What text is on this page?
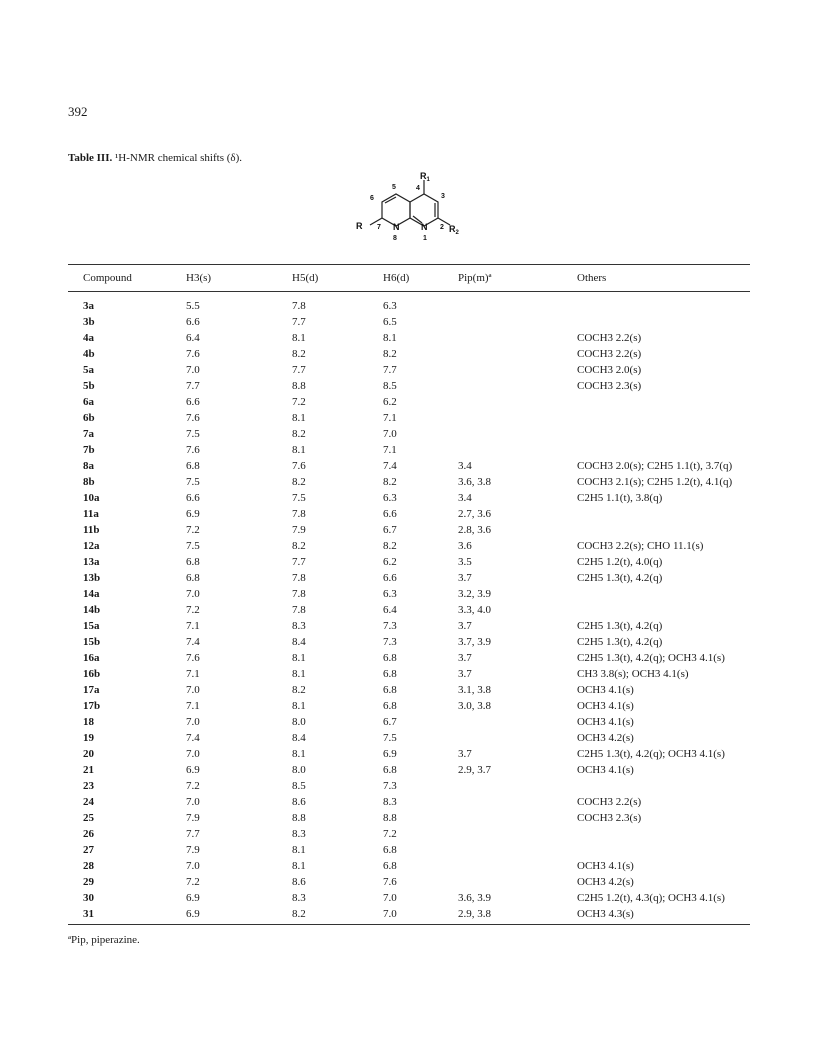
392
Table III. ¹H-NMR chemical shifts (δ).
$R_1$
4
3
5
6
R 7 N
8
N
1
2 $R_2$
Compound	H3(s)	H5(d)	H6(d)	Pip(m)ª	Others
3a	5.5	7.8	6.3		
3b	6.6	7.7	6.5		
4a	6.4	8.1	8.1		COCH3 2.2(s)
4b	7.6	8.2	8.2		COCH3 2.2(s)
5a	7.0	7.7	7.7		COCH3 2.0(s)
5b	7.7	8.8	8.5		COCH3 2.3(s)
6a	6.6	7.2	6.2		
6b	7.6	8.1	7.1		
7a	7.5	8.2	7.0		
7b	7.6	8.1	7.1		
8a	6.8	7.6	7.4	3.4	COCH3 2.0(s); C2H5 1.1(t), 3.7(q)
8b	7.5	8.2	8.2	3.6, 3.8	COCH3 2.1(s); C2H5 1.2(t), 4.1(q)
10a	6.6	7.5	6.3	3.4	C2H5 1.1(t), 3.8(q)
11a	6.9	7.8	6.6	2.7, 3.6	
11b	7.2	7.9	6.7	2.8, 3.6	
12a	7.5	8.2	8.2	3.6	COCH3 2.2(s); CHO 11.1(s)
13a	6.8	7.7	6.2	3.5	C2H5 1.2(t), 4.0(q)
13b	6.8	7.8	6.6	3.7	C2H5 1.3(t), 4.2(q)
14a	7.0	7.8	6.3	3.2, 3.9	
14b	7.2	7.8	6.4	3.3, 4.0	
15a	7.1	8.3	7.3	3.7	C2H5 1.3(t), 4.2(q)
15b	7.4	8.4	7.3	3.7, 3.9	C2H5 1.3(t), 4.2(q)
16a	7.6	8.1	6.8	3.7	C2H5 1.3(t), 4.2(q); OCH3 4.1(s)
16b	7.1	8.1	6.8	3.7	CH3 3.8(s); OCH3 4.1(s)
17a	7.0	8.2	6.8	3.1, 3.8	OCH3 4.1(s)
17b	7.1	8.1	6.8	3.0, 3.8	OCH3 4.1(s)
18	7.0	8.0	6.7		OCH3 4.1(s)
19	7.4	8.4	7.5		OCH3 4.2(s)
20	7.0	8.1	6.9	3.7	C2H5 1.3(t), 4.2(q); OCH3 4.1(s)
21	6.9	8.0	6.8	2.9, 3.7	OCH3 4.1(s)
23	7.2	8.5	7.3		
24	7.0	8.6	8.3		COCH3 2.2(s)
25	7.9	8.8	8.8		COCH3 2.3(s)
26	7.7	8.3	7.2		
27	7.9	8.1	6.8		
28	7.0	8.1	6.8		OCH3 4.1(s)
29	7.2	8.6	7.6		OCH3 4.2(s)
30	6.9	8.3	7.0	3.6, 3.9	C2H5 1.2(t), 4.3(q); OCH3 4.1(s)
31	6.9	8.2	7.0	2.9, 3.8	OCH3 4.3(s)
ªPip, piperazine.
